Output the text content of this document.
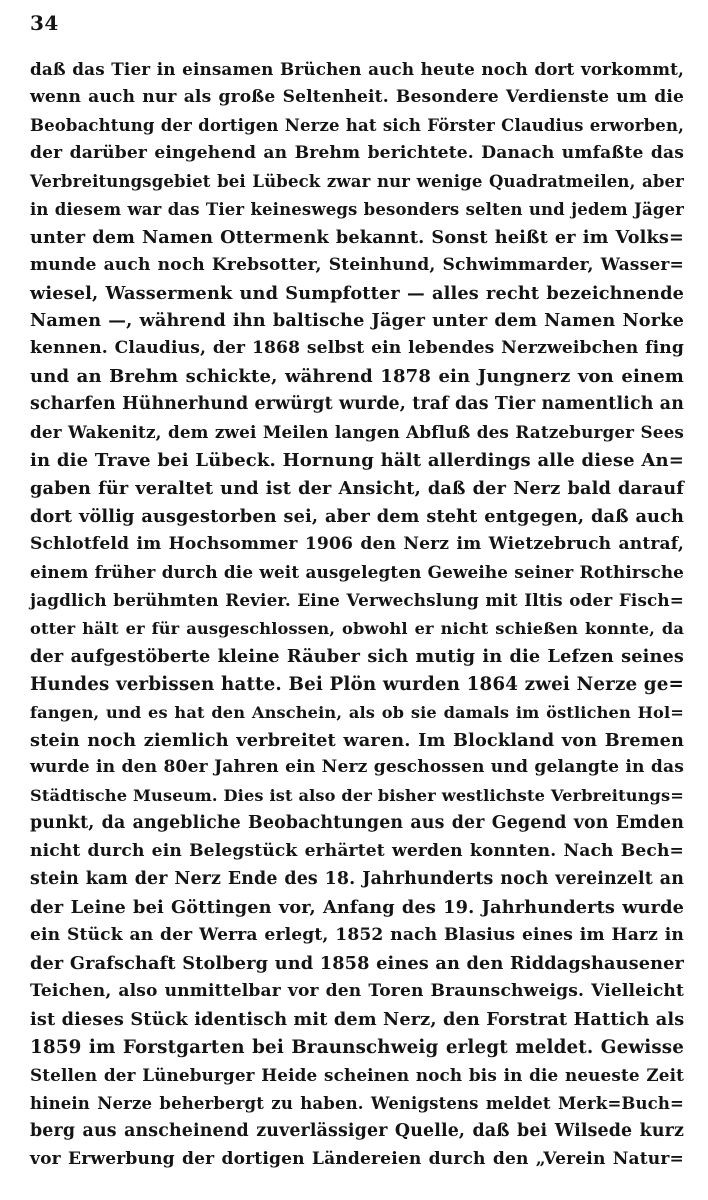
34
daß das Tier in einsamen Brüchen auch heute noch dort vorkommt,
wenn auch nur als große Seltenheit. Besondere Verdienste um die
Beobachtung der dortigen Nerze hat sich Förster Claudius erworben,
der darüber eingehend an Brehm berichtete. Danach umfaßte das
Verbreitungsgebiet bei Lübeck zwar nur wenige Quadratmeilen, aber
in diesem war das Tier keineswegs besonders selten und jedem Jäger
unter dem Namen Ottermenk bekannt. Sonst heißt er im Volks=
munde auch noch Krebsotter, Steinhund, Schwimmarder, Wasser=
wiesel, Wassermenk und Sumpfotter — alles recht bezeichnende
Namen —, während ihn baltische Jäger unter dem Namen Norke
kennen. Claudius, der 1868 selbst ein lebendes Nerzweibchen fing
und an Brehm schickte, während 1878 ein Jungnerz von einem
scharfen Hühnerhund erwürgt wurde, traf das Tier namentlich an
der Wakenitz, dem zwei Meilen langen Abfluß des Ratzeburger Sees
in die Trave bei Lübeck. Hornung hält allerdings alle diese An=
gaben für veraltet und ist der Ansicht, daß der Nerz bald darauf
dort völlig ausgestorben sei, aber dem steht entgegen, daß auch
Schlotfeld im Hochsommer 1906 den Nerz im Wietzebruch antraf,
einem früher durch die weit ausgelegten Geweihe seiner Rothirsche
jagdlich berühmten Revier. Eine Verwechslung mit Iltis oder Fisch=
otter hält er für ausgeschlossen, obwohl er nicht schießen konnte, da
der aufgestöberte kleine Räuber sich mutig in die Lefzen seines
Hundes verbissen hatte. Bei Plön wurden 1864 zwei Nerze ge=
fangen, und es hat den Anschein, als ob sie damals im östlichen Hol=
stein noch ziemlich verbreitet waren. Im Blockland von Bremen
wurde in den 80er Jahren ein Nerz geschossen und gelangte in das
Städtische Museum. Dies ist also der bisher westlichste Verbreitungs=
punkt, da angebliche Beobachtungen aus der Gegend von Emden
nicht durch ein Belegstück erhärtet werden konnten. Nach Bech=
stein kam der Nerz Ende des 18. Jahrhunderts noch vereinzelt an
der Leine bei Göttingen vor, Anfang des 19. Jahrhunderts wurde
ein Stück an der Werra erlegt, 1852 nach Blasius eines im Harz in
der Grafschaft Stolberg und 1858 eines an den Riddagshausener
Teichen, also unmittelbar vor den Toren Braunschweigs. Vielleicht
ist dieses Stück identisch mit dem Nerz, den Forstrat Hattich als
1859 im Forstgarten bei Braunschweig erlegt meldet. Gewisse
Stellen der Lüneburger Heide scheinen noch bis in die neueste Zeit
hinein Nerze beherbergt zu haben. Wenigstens meldet Merk=Buch=
berg aus anscheinend zuverlässiger Quelle, daß bei Wilsede kurz
vor Erwerbung der dortigen Ländereien durch den „Verein Natur=
